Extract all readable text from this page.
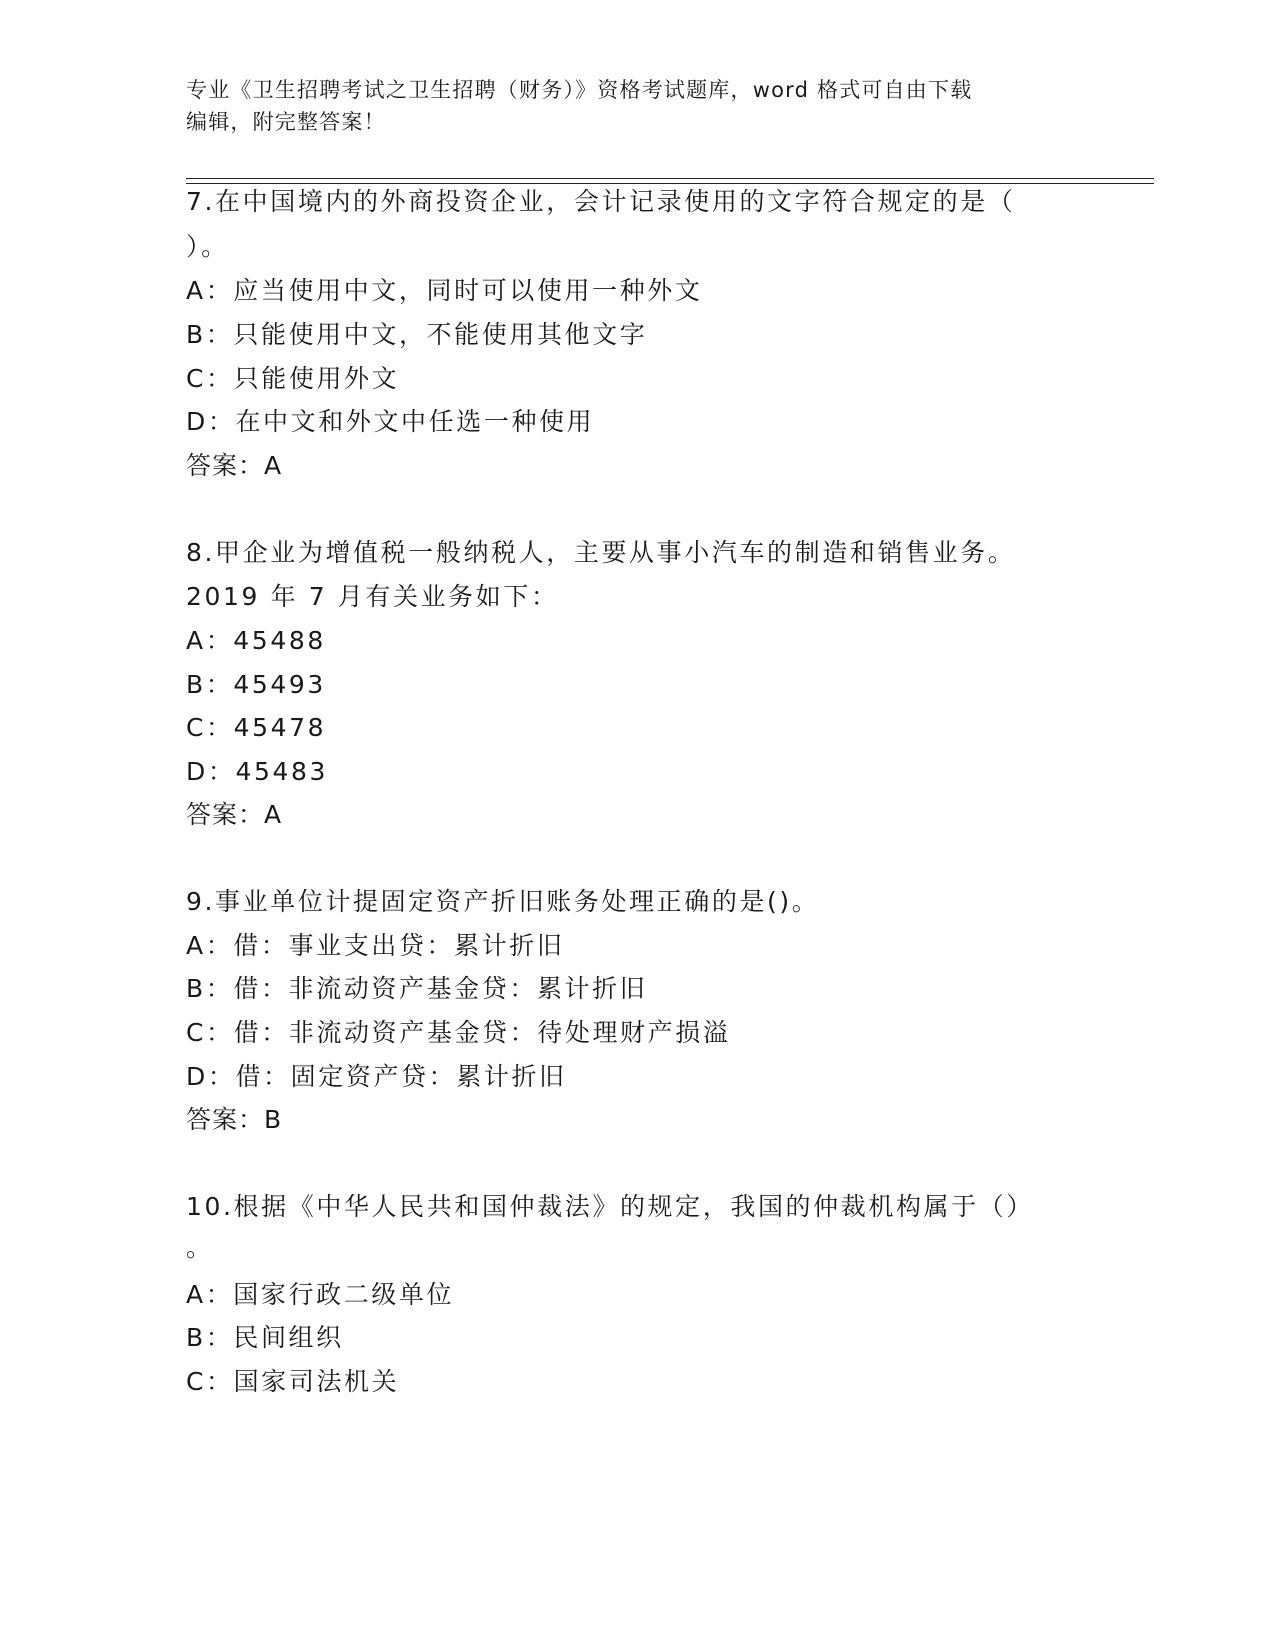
专业《卫生招聘考试之卫生招聘（财务）》资格考试题库，word 格式可自由下载
编辑，附完整答案！
7.在中国境内的外商投资企业，会计记录使用的文字符合规定的是（
）。
A：应当使用中文，同时可以使用一种外文
B：只能使用中文，不能使用其他文字
C：只能使用外文
D：在中文和外文中任选一种使用
答案：A
8.甲企业为增值税一般纳税人，主要从事小汽车的制造和销售业务。
2019 年 7 月有关业务如下：
A：45488
B：45493
C：45478
D：45483
答案：A
9.事业单位计提固定资产折旧账务处理正确的是()。
A：借：事业支出贷：累计折旧
B：借：非流动资产基金贷：累计折旧
C：借：非流动资产基金贷：待处理财产损溢
D：借：固定资产贷：累计折旧
答案：B
10.根据《中华人民共和国仲裁法》的规定，我国的仲裁机构属于（）
。
A：国家行政二级单位
B：民间组织
C：国家司法机关
